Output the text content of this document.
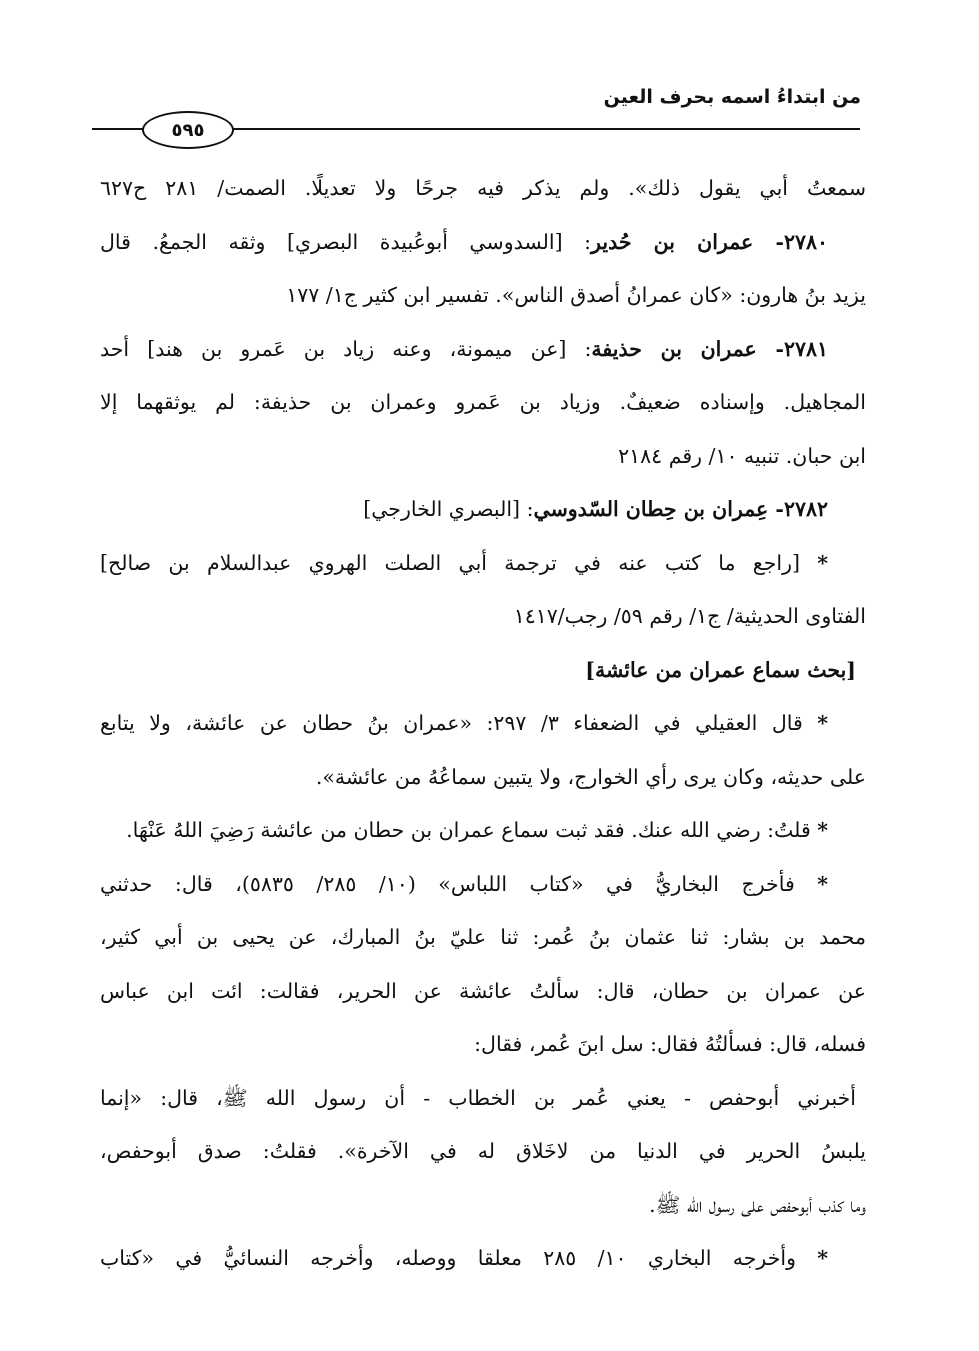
من ابتداءُ اسمه بحرف العين
٥٩٥
سمعتُ أبي يقول ذلك». ولم يذكر فيه جرحًا ولا تعديلًا. الصمت/ ٢٨١ ح٦٢٧
٢٧٨٠- عمران بن حُدير: [السدوسي أبوعُبيدة البصري] وثقه الجمعُ. قال
يزيد بنُ هارون: «كان عمرانُ أصدق الناس». تفسير ابن كثير ج١/ ١٧٧
٢٧٨١- عمران بن حذيفة: [عن ميمونة، وعنه زياد بن عَمرو بن هند] أحد
المجاهيل. وإسناده ضعيفٌ. وزياد بن عَمرو وعمران بن حذيفة: لم يوثقهما إلا
ابن حبان. تنبيه ١٠/ رقم ٢١٨٤
٢٧٨٢- عِمران بن حِطان السّدوسي: [البصري الخارجي]
* [راجع ما كتب عنه في ترجمة أبي الصلت الهروي عبدالسلام بن صالح]
الفتاوى الحديثية/ ج١/ رقم ٥٩/ رجب/١٤١٧
[بحث سماع عمران من عائشة]
* قال العقيلي في الضعفاء ٣/ ٢٩٧: «عمران بنُ حطان عن عائشة، ولا يتابع
على حديثه، وكان يرى رأي الخوارج، ولا يتبين سماعُهُ من عائشة».
* قلتُ: رضي الله عنك. فقد ثبت سماع عمران بن حطان من عائشة رَضِيَ اللهُ عَنْهَا.
* فأخرج البخاريُّ في «كتاب اللباس» (١٠/ ٢٨٥/ ٥٨٣٥)، قال: حدثني
محمد بن بشار: ثنا عثمان بنُ عُمر: ثنا عليّ بنُ المبارك، عن يحيى بن أبي كثير،
عن عمران بن حطان، قال: سألتُ عائشة عن الحرير، فقالت: ائت ابن عباس
فسله، قال: فسألتُهُ فقال: سل ابنَ عُمر، فقال:
أخبرني أبوحفص - يعني عُمر بن الخطاب - أن رسول الله ﷺ، قال: «إنما
يلبسُ الحرير في الدنيا من لاخَلاق له في الآخرة». فقلتُ: صدق أبوحفص،
وما كذب أبوحفص على رسول الله ﷺ.
* وأخرجه البخاري ١٠/ ٢٨٥ معلقا ووصله، وأخرجه النسائيُّ في «كتاب
